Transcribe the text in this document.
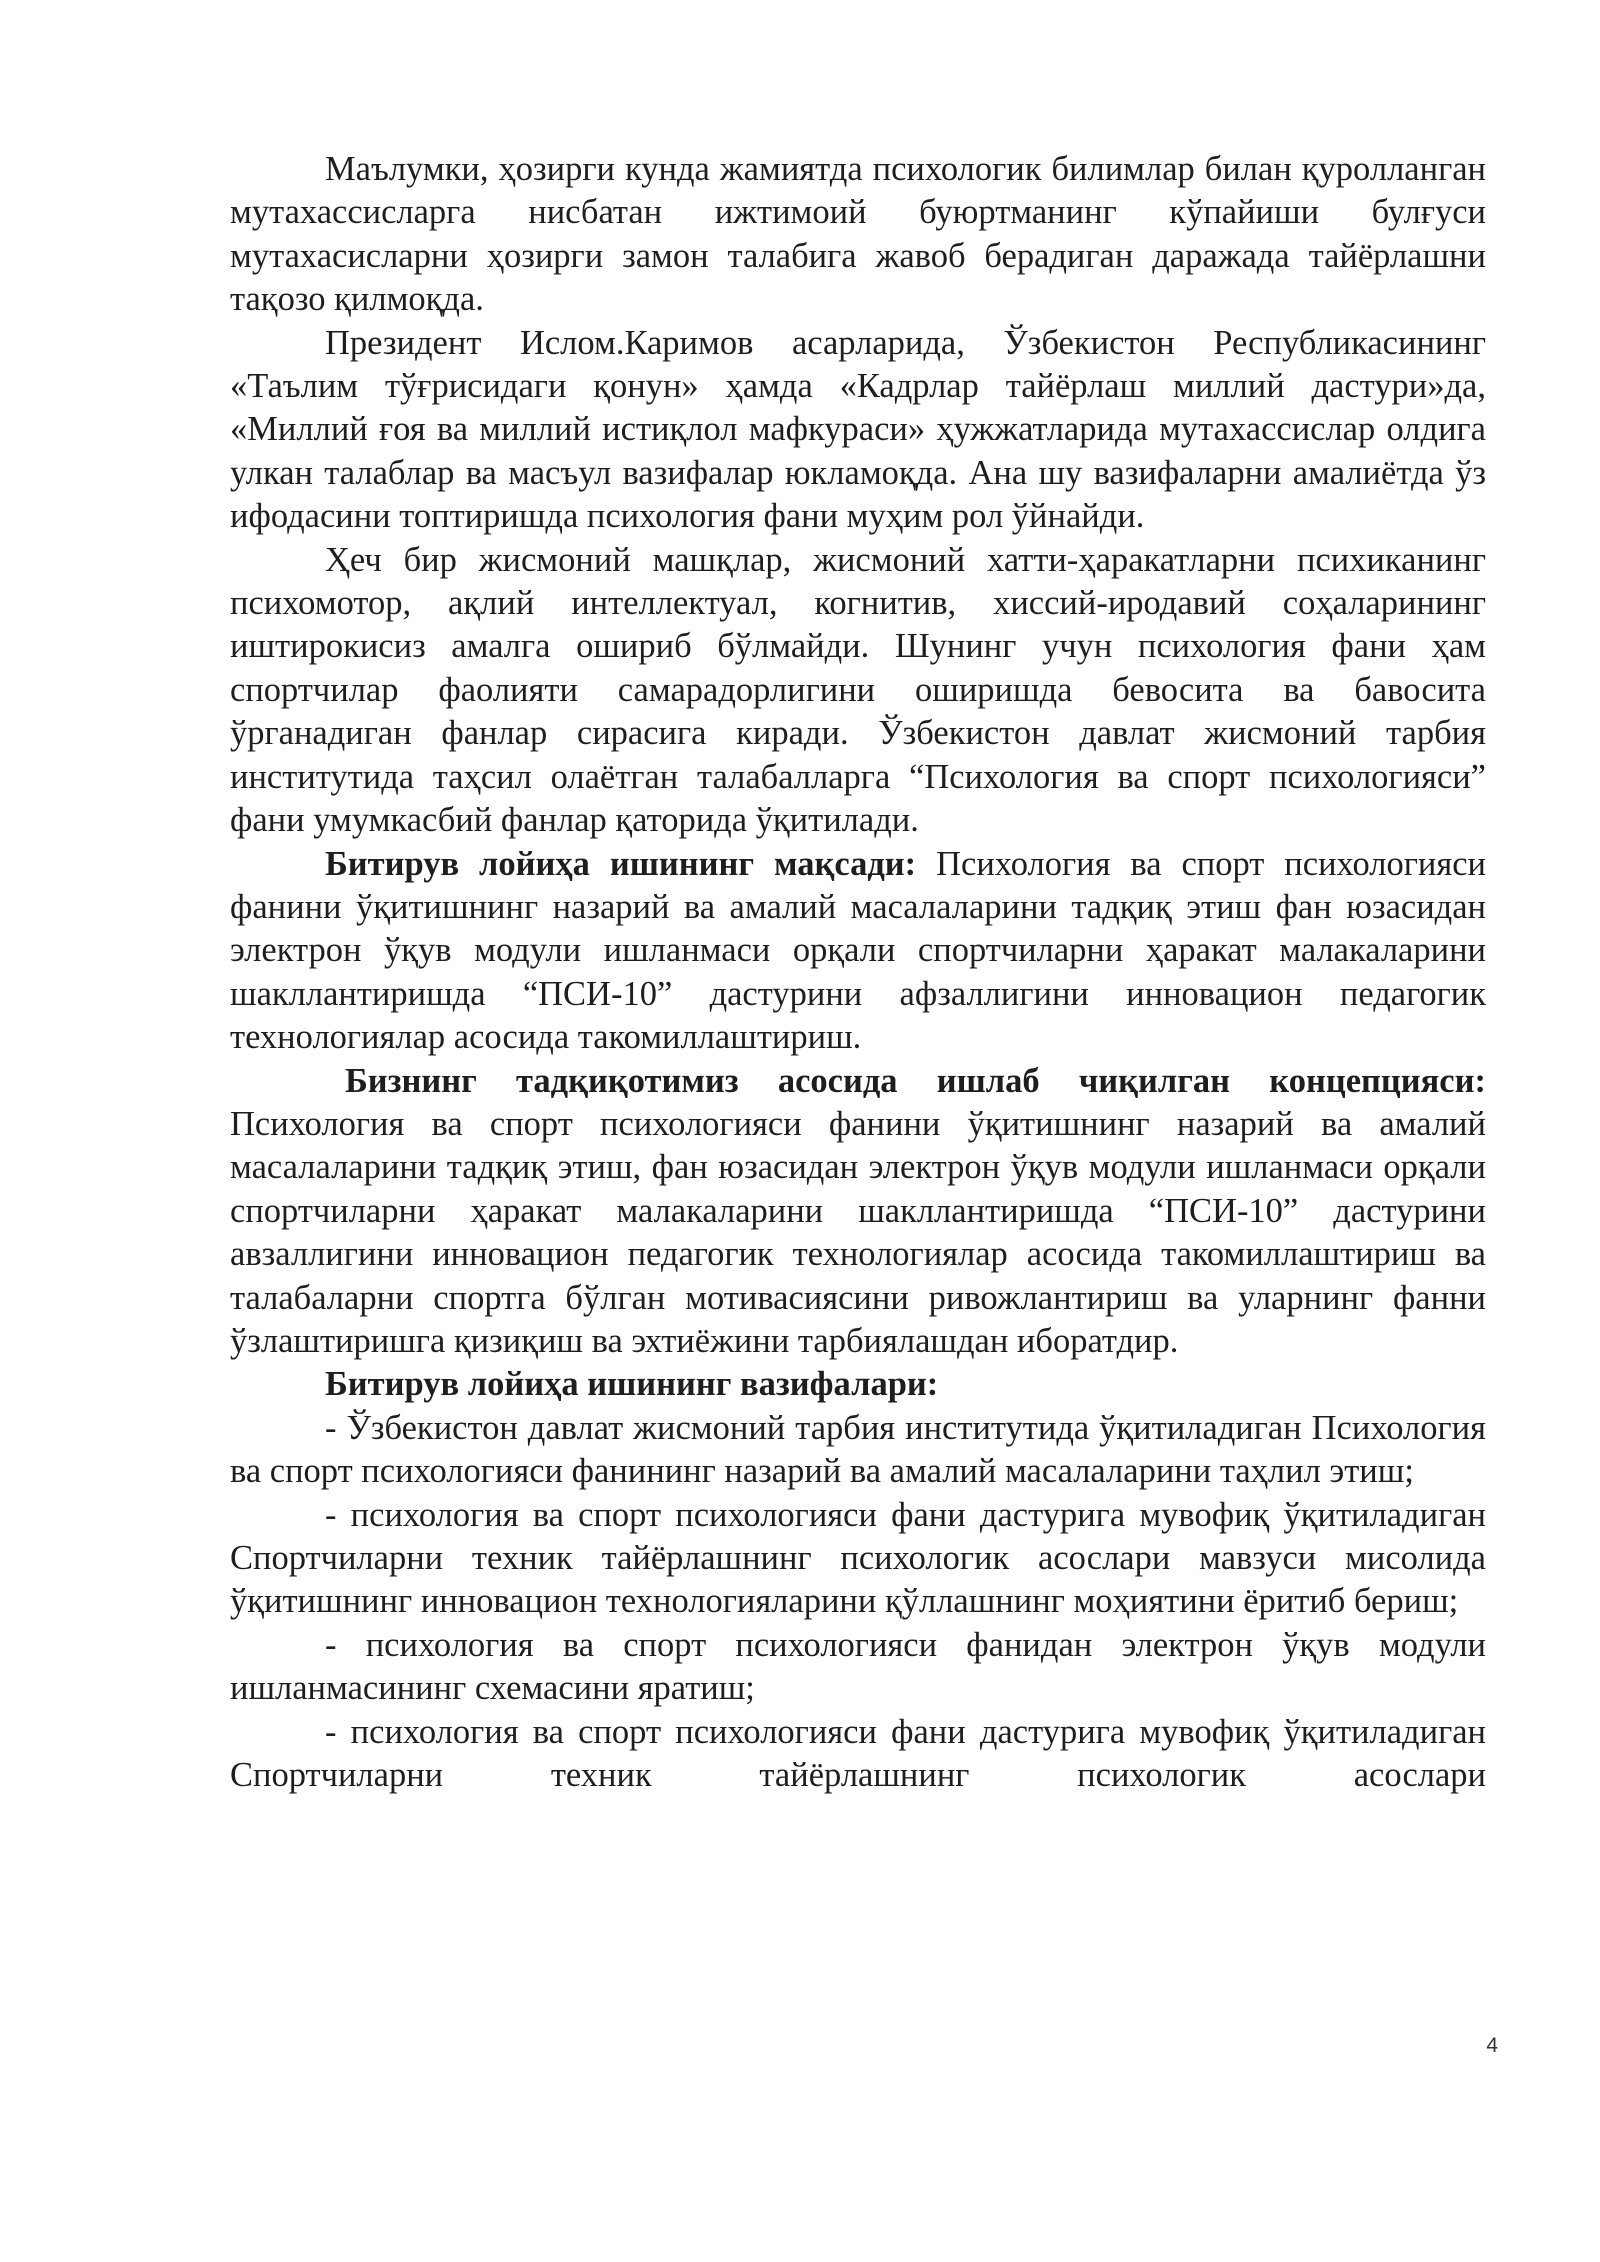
Маълумки, ҳозирги кунда жамиятда психологик билимлар билан қуролланган мутахассисларга нисбатан ижтимоий буюртманинг кўпайиши булғуси мутахасисларни ҳозирги замон талабига жавоб берадиган даражада тайёрлашни тақозо қилмоқда.

Президент Ислом.Каримов асарларида, Ўзбекистон Республикасининг «Таълим тўғрисидаги қонун» ҳамда «Кадрлар тайёрлаш миллий дастури»да, «Миллий ғоя ва миллий истиқлол мафкураси» ҳужжатларида мутахассислар олдига улкан талаблар ва масъул вазифалар юкламоқда. Ана шу вазифаларни амалиётда ўз ифодасини топтиришда психология фани муҳим рол ўйнайди.

Ҳеч бир жисмоний машқлар, жисмоний хатти-ҳаракатларни психиканинг психомотор, ақлий интеллектуал, когнитив, хиссий-иродавий соҳаларининг иштирокисиз амалга ошириб бўлмайди. Шунинг учун психология фани ҳам спортчилар фаолияти самарадорлигини оширишда бевосита ва бавосита ўрганадиган фанлар сирасига киради. Ўзбекистон давлат жисмоний тарбия институтида таҳсил олаётган талабалларга “Психология ва спорт психологияси” фани умумкасбий фанлар қаторида ўқитилади.

Битирув лойиҳа ишининг мақсади: Психология ва спорт психологияси фанини ўқитишнинг назарий ва амалий масалаларини тадқиқ этиш фан юзасидан электрон ўқув модули ишланмаси орқали спортчиларни ҳаракат малакаларини шакллантиришда “ПСИ-10” дастурини афзаллигини инновацион педагогик технологиялар асосида такомиллаштириш.

Бизнинг тадқиқотимиз асосида ишлаб чиқилган концепцияси: Психология ва спорт психологияси фанини ўқитишнинг назарий ва амалий масалаларини тадқиқ этиш, фан юзасидан электрон ўқув модули ишланмаси орқали спортчиларни ҳаракат малакаларини шакллантиришда “ПСИ-10” дастурини авзаллигини инновацион педагогик технологиялар асосида такомиллаштириш ва талабаларни спортга бўлган мотивасиясини ривожлантириш ва уларнинг фанни ўзлаштиришга қизиқиш ва эхтиёжини тарбиялашдан иборатдир.

Битирув лойиҳа ишининг вазифалари:

- Ўзбекистон давлат жисмоний тарбия институтида ўқитиладиган Психология ва спорт психологияси фанининг назарий ва амалий масалаларини таҳлил этиш;

- психология ва спорт психологияси фани дастурига мувофиқ ўқитиладиган Спортчиларни техник тайёрлашнинг психологик асослари мавзуси мисолида ўқитишнинг инновацион технологияларини қўллашнинг моҳиятини ёритиб бериш;

- психология ва спорт психологияси фанидан электрон ўқув модули ишланмасининг схемасини яратиш;

- психология ва спорт психологияси фани дастурига мувофиқ ўқитиладиган Спортчиларни техник тайёрлашнинг психологик асослари

4
